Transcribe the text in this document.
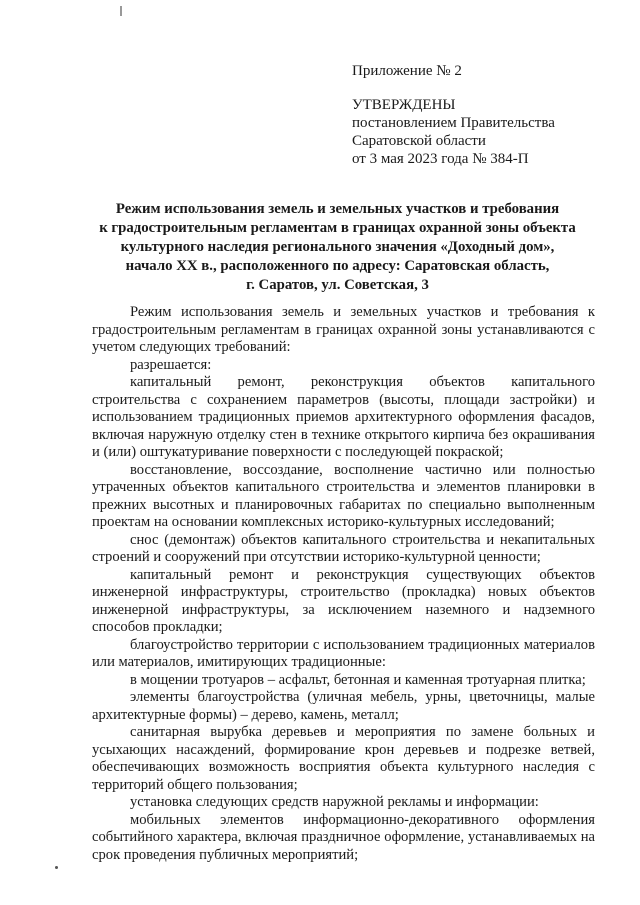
Приложение № 2
УТВЕРЖДЕНЫ
постановлением Правительства
Саратовской области
от 3 мая 2023 года № 384-П
Режим использования земель и земельных участков и требования
к градостроительным регламентам в границах охранной зоны объекта
культурного наследия регионального значения «Доходный дом»,
начало XX в., расположенного по адресу: Саратовская область,
г. Саратов, ул. Советская, 3

Режим использования земель и земельных участков и требования к градостроительным регламентам в границах охранной зоны устанавливаются с учетом следующих требований:

разрешается:

капитальный ремонт, реконструкция объектов капитального строительства с сохранением параметров (высоты, площади застройки) и использованием традиционных приемов архитектурного оформления фасадов, включая наружную отделку стен в технике открытого кирпича без окрашивания и (или) оштукатуривание поверхности с последующей покраской;

восстановление, воссоздание, восполнение частично или полностью утраченных объектов капитального строительства и элементов планировки в прежних высотных и планировочных габаритах по специально выполненным проектам на основании комплексных историко-культурных исследований;

снос (демонтаж) объектов капитального строительства и некапитальных строений и сооружений при отсутствии историко-культурной ценности;

капитальный ремонт и реконструкция существующих объектов инженерной инфраструктуры, строительство (прокладка) новых объектов инженерной инфраструктуры, за исключением наземного и надземного способов прокладки;

благоустройство территории с использованием традиционных материалов или материалов, имитирующих традиционные:

в мощении тротуаров – асфальт, бетонная и каменная тротуарная плитка;

элементы благоустройства (уличная мебель, урны, цветочницы, малые архитектурные формы) – дерево, камень, металл;

санитарная вырубка деревьев и мероприятия по замене больных и усыхающих насаждений, формирование крон деревьев и подрезке ветвей, обеспечивающих возможность восприятия объекта культурного наследия с территорий общего пользования;

установка следующих средств наружной рекламы и информации:

мобильных элементов информационно-декоративного оформления событийного характера, включая праздничное оформление, устанавливаемых на срок проведения публичных мероприятий;
